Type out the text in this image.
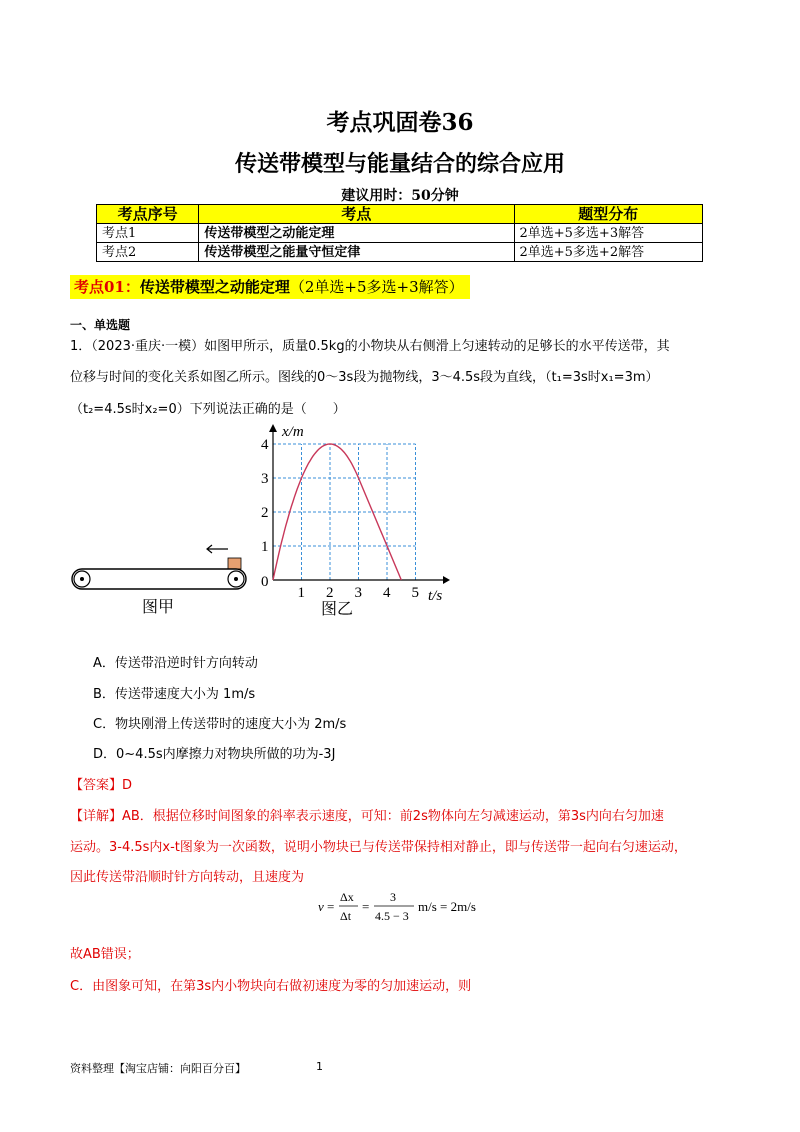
考点巩固卷36
传送带模型与能量结合的综合应用
建议用时：50分钟
考点序号	考点	题型分布
考点1	传送带模型之动能定理	2单选+5多选+3解答
考点2	传送带模型之能量守恒定律	2单选+5多选+2解答
考点01：传送带模型之动能定理（2单选+5多选+3解答）
一、单选题
1．（2023·重庆·一模）如图甲所示，质量0.5kg的小物块从右侧滑上匀速转动的足够长的水平传送带，其
位移与时间的变化关系如图乙所示。图线的0～3s段为抛物线，3～4.5s段为直线，（t₁=3s时x₁=3m）
（t₂=4.5s时x₂=0）下列说法正确的是（　　）
图甲
1 2 3 4 5
1
2
3
4
0
x/m
t/s
图乙
A．传送带沿逆时针方向转动
B．传送带速度大小为 1m/s
C．物块刚滑上传送带时的速度大小为 2m/s
D．0~4.5s内摩擦力对物块所做的功为-3J
【答案】D
【详解】AB．根据位移时间图象的斜率表示速度，可知：前2s物体向左匀减速运动，第3s内向右匀加速
运动。3-4.5s内x-t图象为一次函数，说明小物块已与传送带保持相对静止，即与传送带一起向右匀速运动，
因此传送带沿顺时针方向转动，且速度为
v =
Δx
Δt
=
3
4.5 − 3
m/s = 2m/s
故AB错误；
C．由图象可知，在第3s内小物块向右做初速度为零的匀加速运动，则
资料整理【淘宝店铺：向阳百分百】	1
